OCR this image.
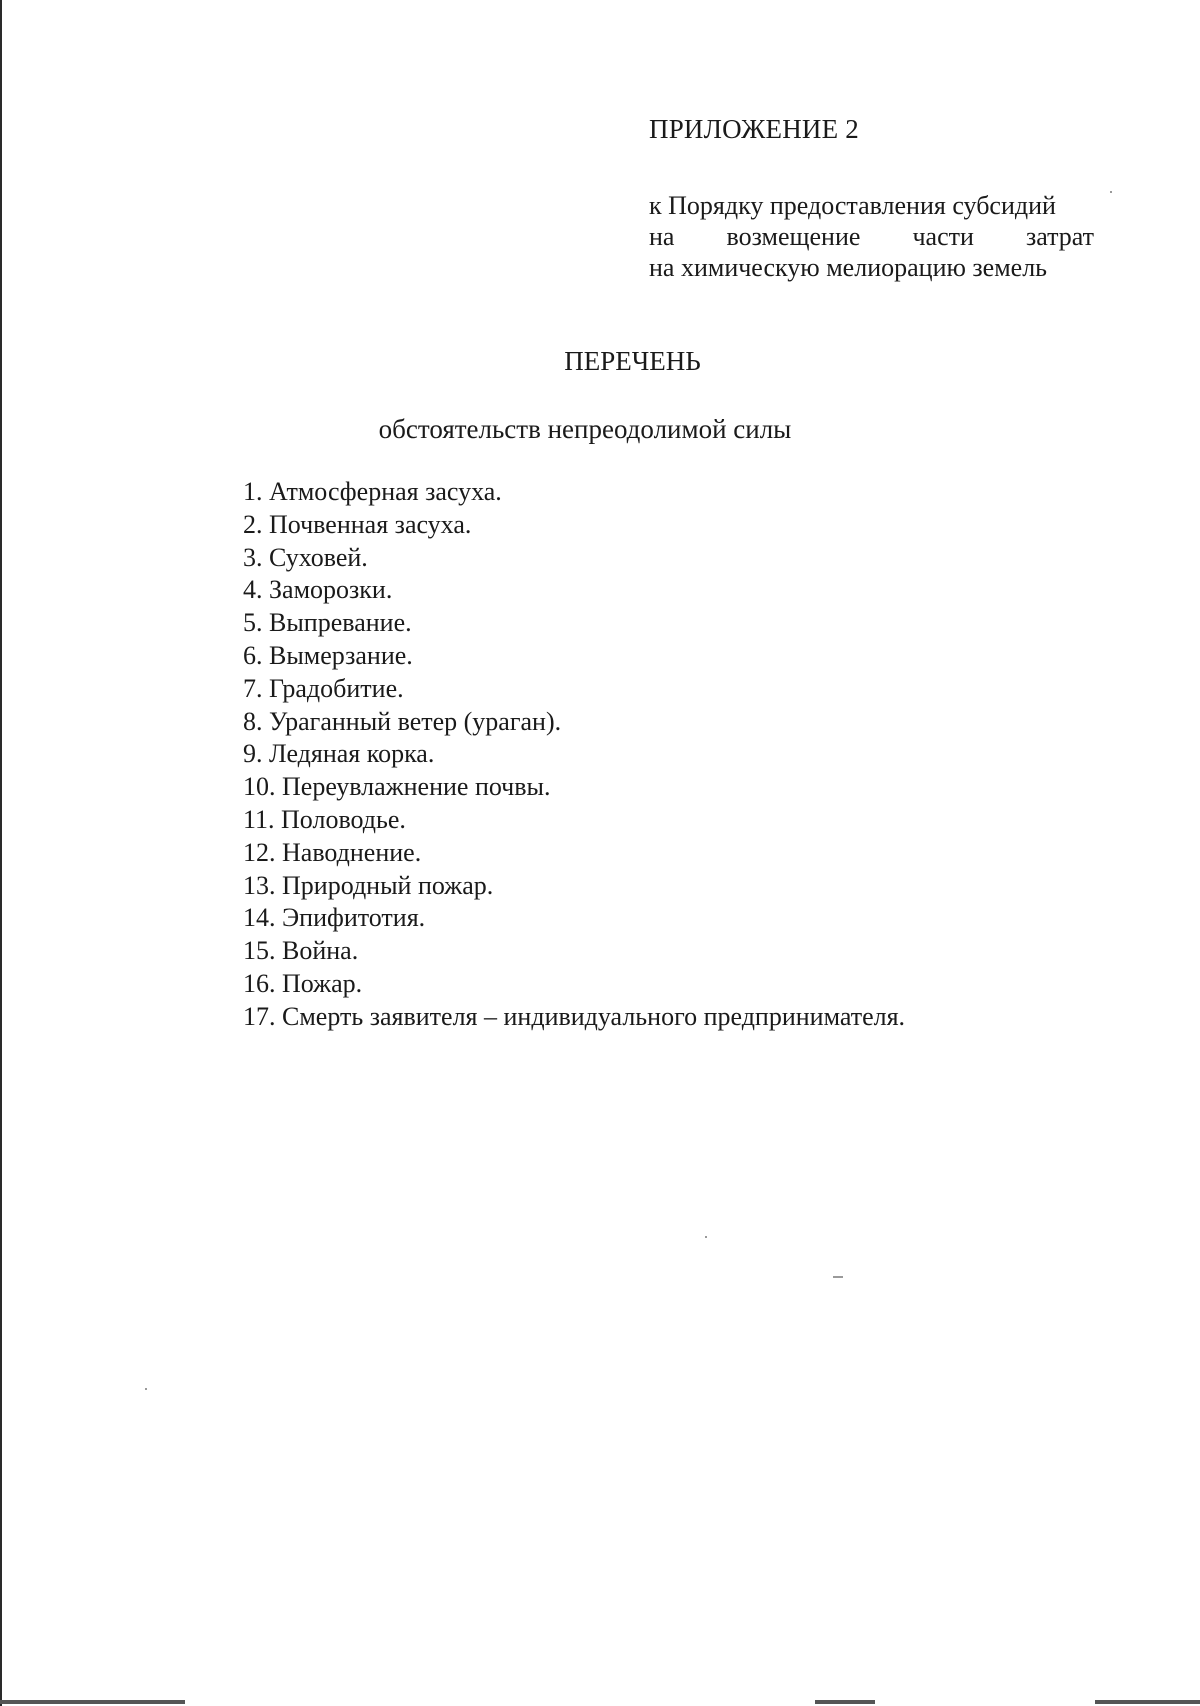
ПРИЛОЖЕНИЕ 2

к Порядку предоставления субсидий
на возмещение части затрат
на химическую мелиорацию земель

ПЕРЕЧЕНЬ

обстоятельств непреодолимой силы

1. Атмосферная засуха.
2. Почвенная засуха.
3. Суховей.
4. Заморозки.
5. Выпревание.
6. Вымерзание.
7. Градобитие.
8. Ураганный ветер (ураган).
9. Ледяная корка.
10. Переувлажнение почвы.
11. Половодье.
12. Наводнение.
13. Природный пожар.
14. Эпифитотия.
15. Война.
16. Пожар.
17. Смерть заявителя – индивидуального предпринимателя.
